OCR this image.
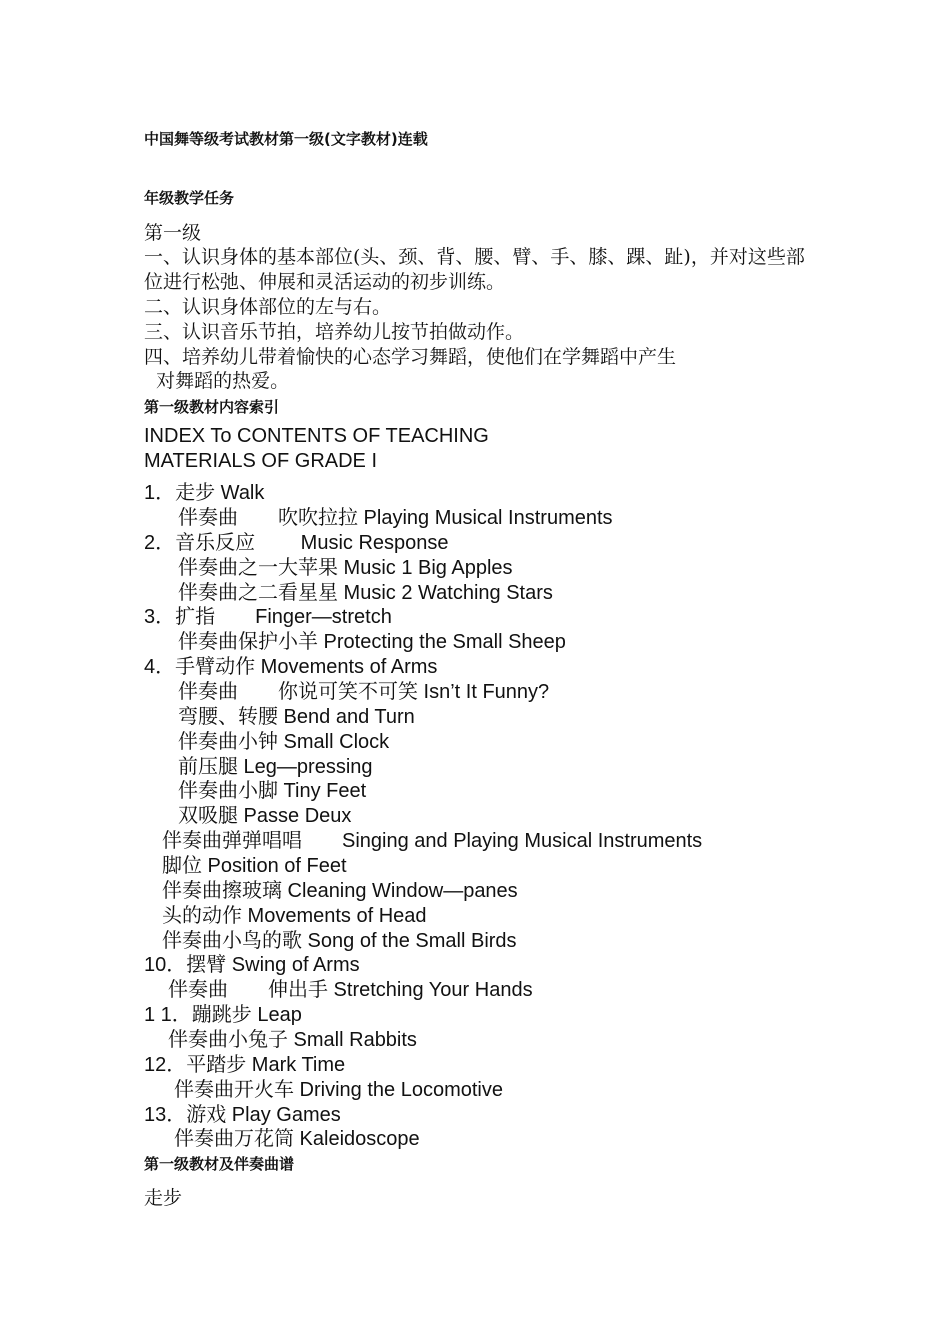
中国舞等级考试教材第一级(文字教材)连载
年级教学任务
第一级
一、认识身体的基本部位(头、颈、背、腰、臂、手、膝、踝、趾)，并对这些部
位进行松弛、伸展和灵活运动的初步训练。
二、认识身体部位的左与右。
三、认识音乐节拍，培养幼儿按节拍做动作。
四、培养幼儿带着愉快的心态学习舞蹈，使他们在学舞蹈中产生
对舞蹈的热爱。
第一级教材内容索引
INDEX To CONTENTS OF TEACHING
MATERIALS OF GRADE I
1．走步 Walk
伴奏曲　　吹吹拉拉 Playing Musical Instruments
2．音乐反应　　 Music Response
伴奏曲之一大苹果 Music 1 Big Apples
伴奏曲之二看星星 Music 2 Watching Stars
3．扩指　　Finger—stretch
伴奏曲保护小羊 Protecting the Small Sheep
4．手臂动作 Movements of Arms
伴奏曲　　你说可笑不可笑 Isn’t It Funny?
弯腰、转腰 Bend and Turn
伴奏曲小钟 Small Clock
前压腿 Leg—pressing
伴奏曲小脚 Tiny Feet
双吸腿 Passe Deux
伴奏曲弹弹唱唱　　Singing and Playing Musical Instruments
脚位 Position of Feet
伴奏曲擦玻璃 Cleaning Window—panes
头的动作 Movements of Head
伴奏曲小鸟的歌 Song of the Small Birds
10．摆臂 Swing of Arms
伴奏曲　　伸出手 Stretching Your Hands
1 1．蹦跳步 Leap
伴奏曲小兔子 Small Rabbits
12．平踏步 Mark Time
伴奏曲开火车 Driving the Locomotive
13．游戏 Play Games
伴奏曲万花筒 Kaleidoscope
第一级教材及伴奏曲谱
走步
